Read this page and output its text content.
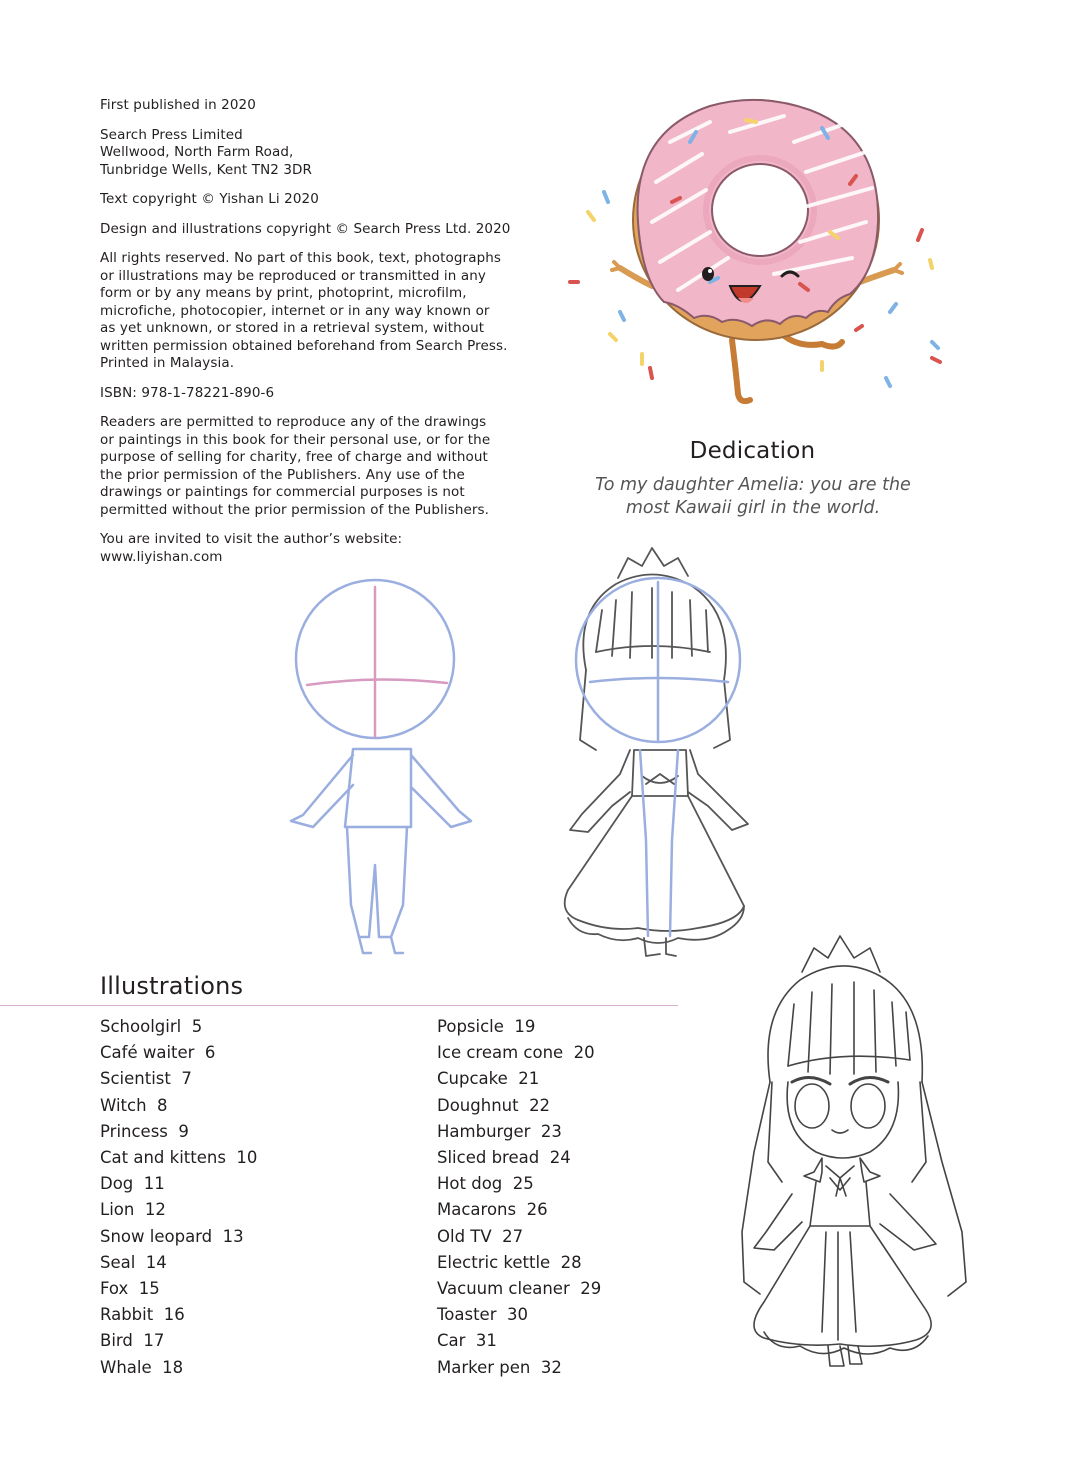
First published in 2020

Search Press Limited
Wellwood, North Farm Road,
Tunbridge Wells, Kent TN2 3DR

Text copyright © Yishan Li 2020

Design and illustrations copyright © Search Press Ltd. 2020

All rights reserved. No part of this book, text, photographs
or illustrations may be reproduced or transmitted in any
form or by any means by print, photoprint, microfilm,
microfiche, photocopier, internet or in any way known or
as yet unknown, or stored in a retrieval system, without
written permission obtained beforehand from Search Press.
Printed in Malaysia.

ISBN: 978-1-78221-890-6

Readers are permitted to reproduce any of the drawings
or paintings in this book for their personal use, or for the
purpose of selling for charity, free of charge and without
the prior permission of the Publishers. Any use of the
drawings or paintings for commercial purposes is not
permitted without the prior permission of the Publishers.

You are invited to visit the author’s website:
www.liyishan.com

Dedication

To my daughter Amelia: you are the
most Kawaii girl in the world.

Illustrations
Schoolgirl  5
Café waiter  6
Scientist  7
Witch  8
Princess  9
Cat and kittens  10
Dog  11
Lion  12
Snow leopard  13
Seal  14
Fox  15
Rabbit  16
Bird  17
Whale  18
Popsicle  19
Ice cream cone  20
Cupcake  21
Doughnut  22
Hamburger  23
Sliced bread  24
Hot dog  25
Macarons  26
Old TV  27
Electric kettle  28
Vacuum cleaner  29
Toaster  30
Car  31
Marker pen  32
